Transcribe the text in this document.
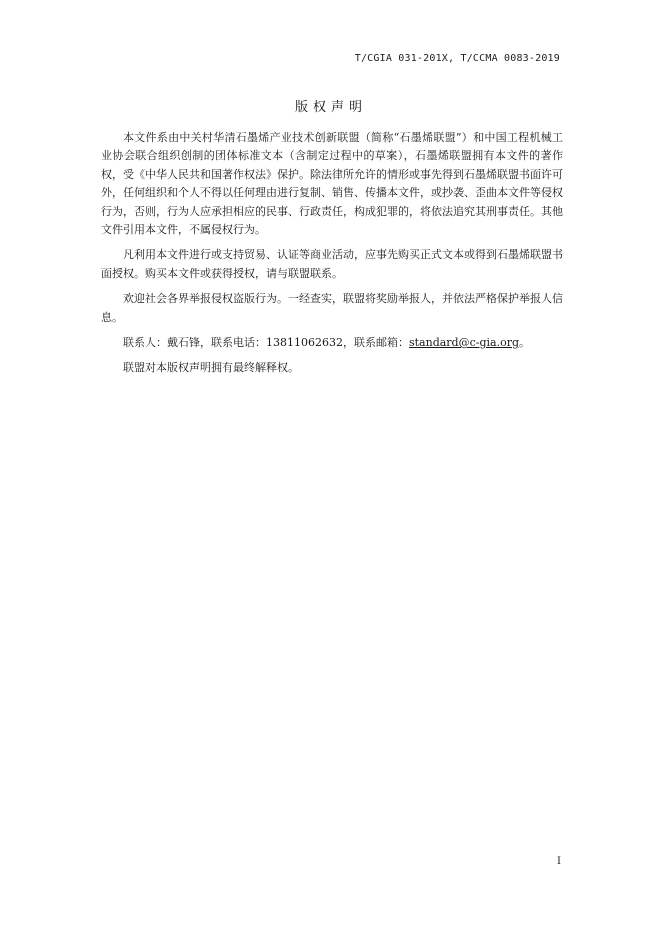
T/CGIA 031-201X, T/CCMA 0083-2019
版权声明

本文件系由中关村华清石墨烯产业技术创新联盟（简称“石墨烯联盟”）和中国工程机械工业协会联合组织创制的团体标准文本（含制定过程中的草案），石墨烯联盟拥有本文件的著作权，受《中华人民共和国著作权法》保护。除法律所允许的情形或事先得到石墨烯联盟书面许可外，任何组织和个人不得以任何理由进行复制、销售、传播本文件，或抄袭、歪曲本文件等侵权行为，否则，行为人应承担相应的民事、行政责任，构成犯罪的，将依法追究其刑事责任。其他文件引用本文件，不属侵权行为。

凡利用本文件进行或支持贸易、认证等商业活动，应事先购买正式文本或得到石墨烯联盟书面授权。购买本文件或获得授权，请与联盟联系。

欢迎社会各界举报侵权盗版行为。一经查实，联盟将奖励举报人，并依法严格保护举报人信息。

联系人：戴石锋，联系电话：13811062632，联系邮箱：standard@c-gia.org。

联盟对本版权声明拥有最终解释权。

I
